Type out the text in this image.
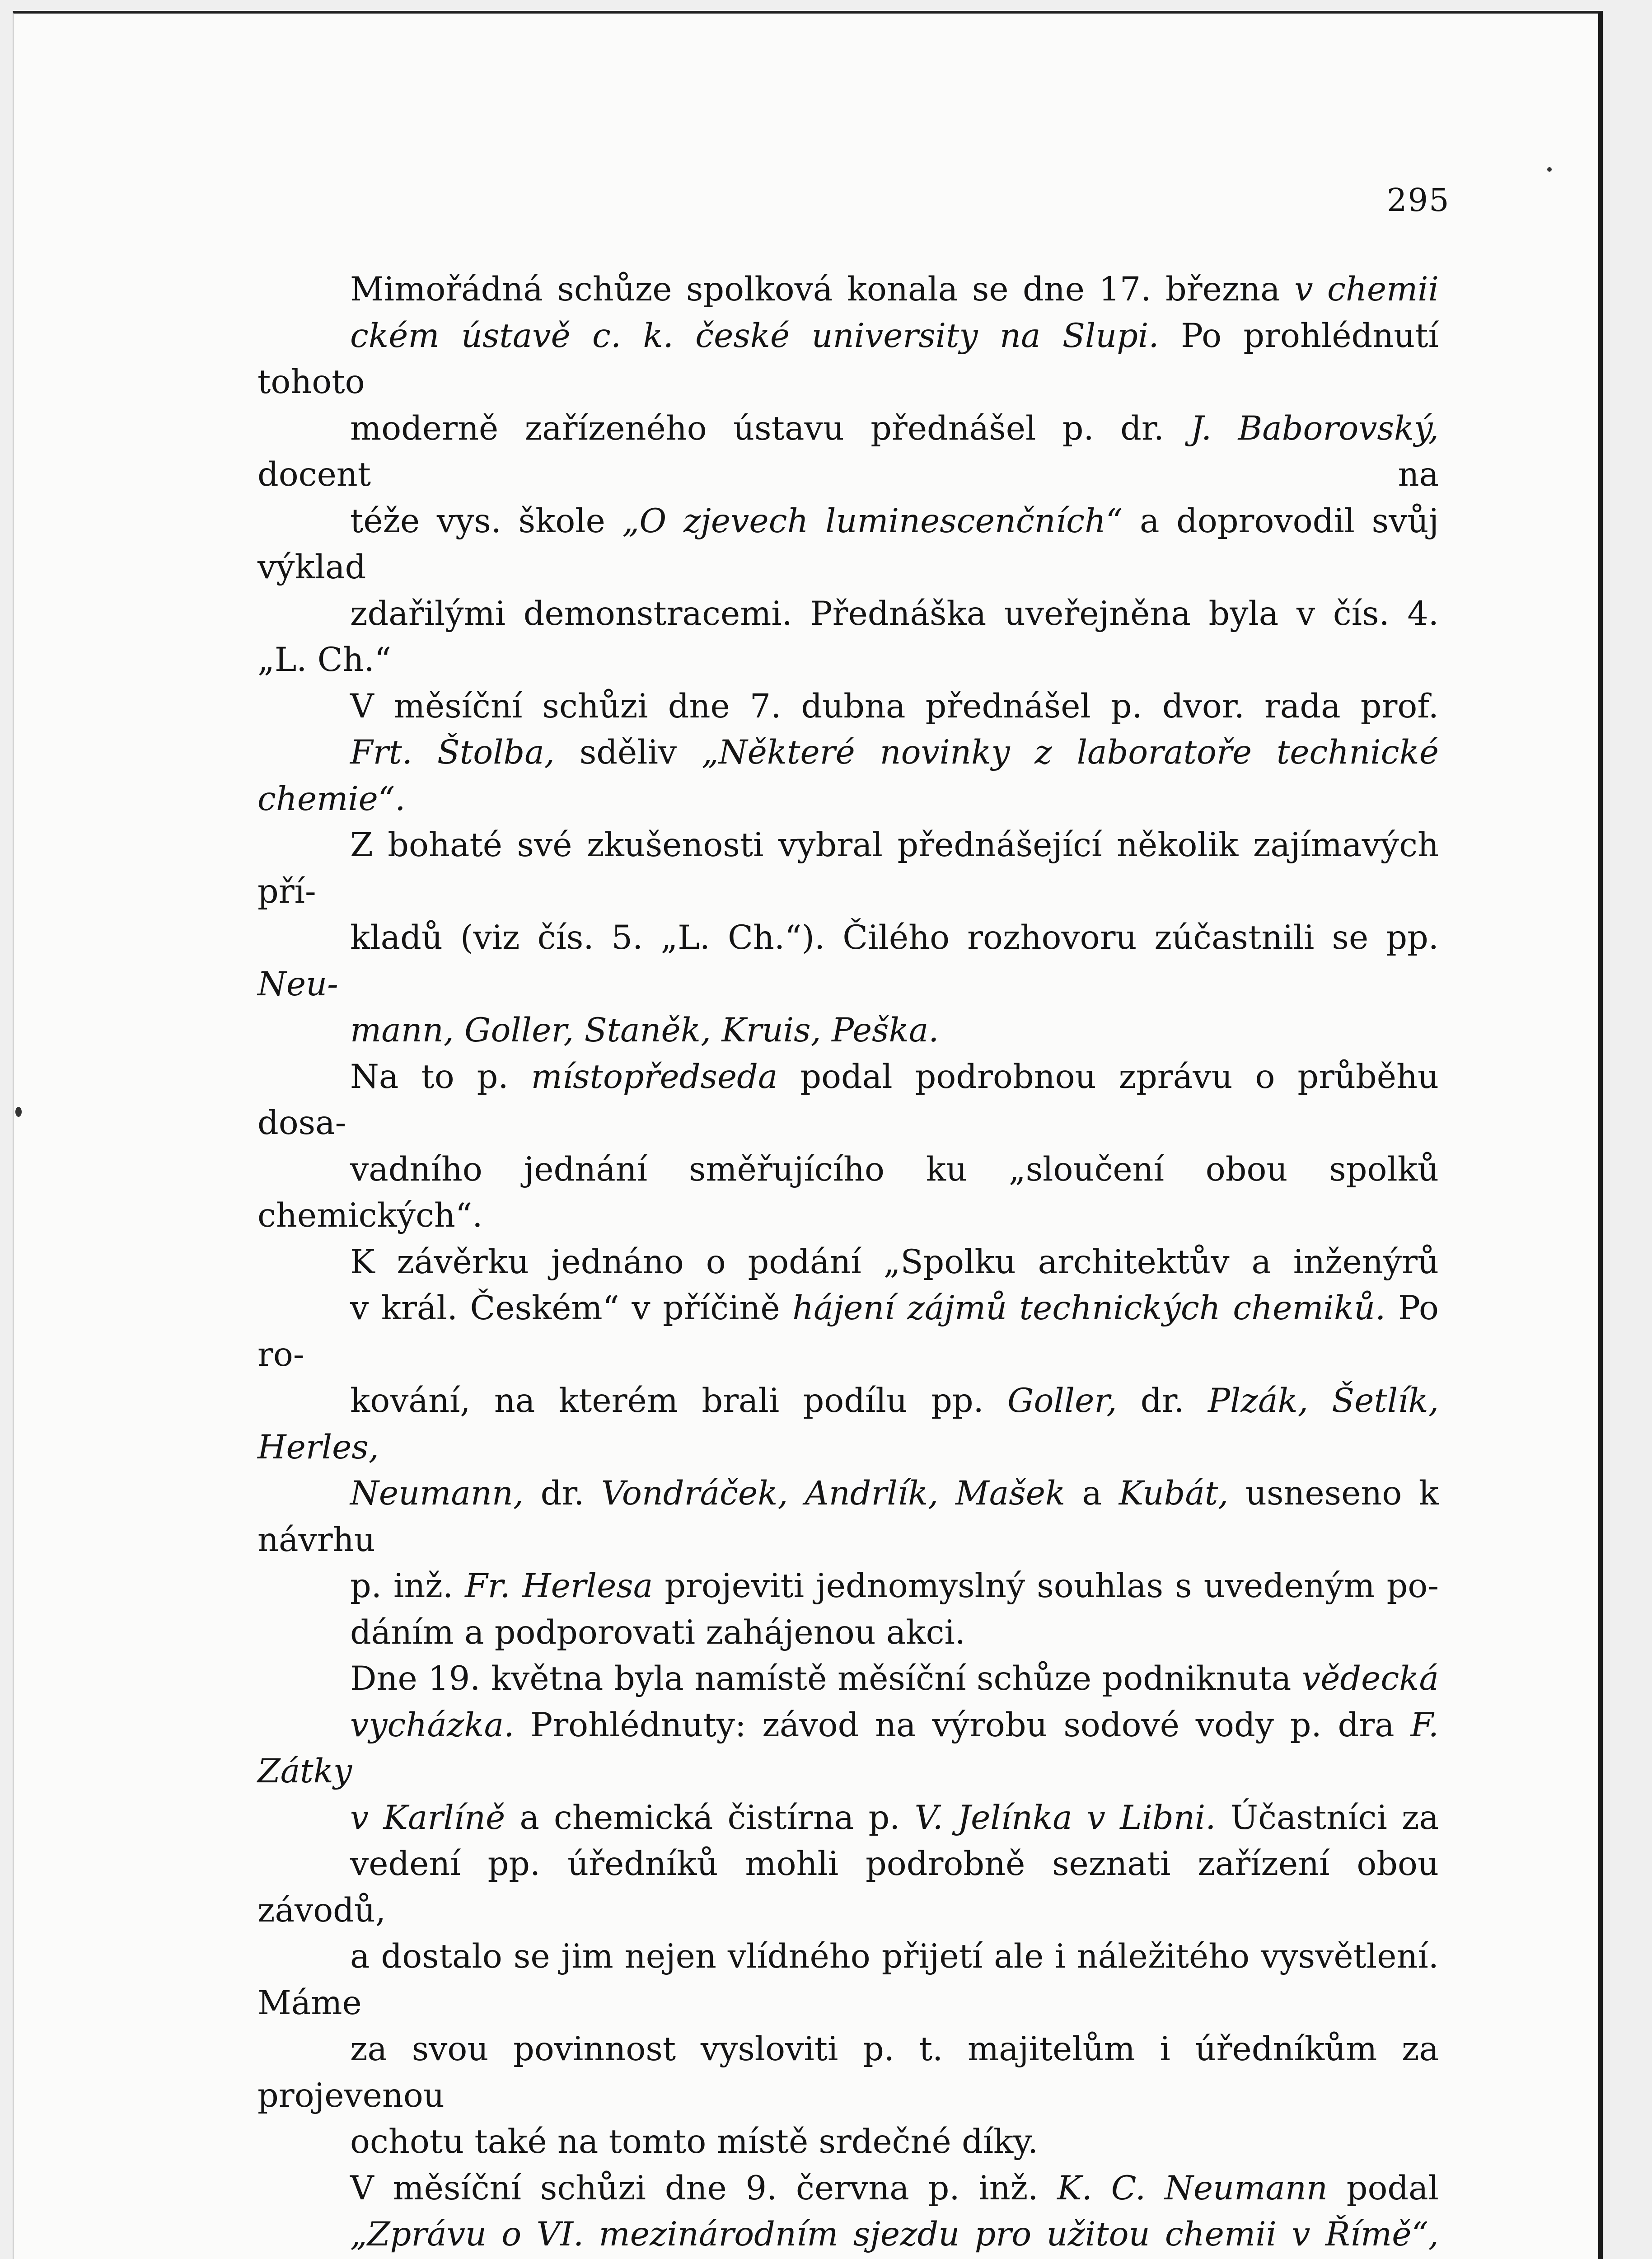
295

Mimořádná schůze spolková konala se dne 17. března v chemii
ckém ústavě c. k. české university na Slupi. Po prohlédnutí tohoto
moderně zařízeného ústavu přednášel p. dr. J. Baborovský, docent na
téže vys. škole „O zjevech luminescenčních“ a doprovodil svůj výklad
zdařilými demonstracemi. Přednáška uveřejněna byla v čís. 4. „L. Ch.“

V měsíční schůzi dne 7. dubna přednášel p. dvor. rada prof.
Frt. Štolba, sděliv „Některé novinky z laboratoře technické chemie“.
Z bohaté své zkušenosti vybral přednášející několik zajímavých pří-
kladů (viz čís. 5. „L. Ch.“). Čilého rozhovoru zúčastnili se pp. Neu-
mann, Goller, Staněk, Kruis, Peška.

Na to p. místopředseda podal podrobnou zprávu o průběhu dosa-
vadního jednání směřujícího ku „sloučení obou spolků chemických“.

K závěrku jednáno o podání „Spolku architektův a inženýrů
v král. Českém“ v příčině hájení zájmů technických chemiků. Po ro-
kování, na kterém brali podílu pp. Goller, dr. Plzák, Šetlík, Herles,
Neumann, dr. Vondráček, Andrlík, Mašek a Kubát, usneseno k návrhu
p. inž. Fr. Herlesa projeviti jednomyslný souhlas s uvedeným po-
dáním a podporovati zahájenou akci.

Dne 19. května byla namístě měsíční schůze podniknuta vědecká
vycházka. Prohlédnuty: závod na výrobu sodové vody p. dra F. Zátky
v Karlíně a chemická čistírna p. V. Jelínka v Libni. Účastníci za
vedení pp. úředníků mohli podrobně seznati zařízení obou závodů,
a dostalo se jim nejen vlídného přijetí ale i náležitého vysvětlení. Máme
za svou povinnost vysloviti p. t. majitelům i úředníkům za projevenou
ochotu také na tomto místě srdečné díky.

V měsíční schůzi dne 9. června p. inž. K. C. Neumann podal
„Zprávu o VI. mezinárodním sjezdu pro užitou chemii v Římě“,
